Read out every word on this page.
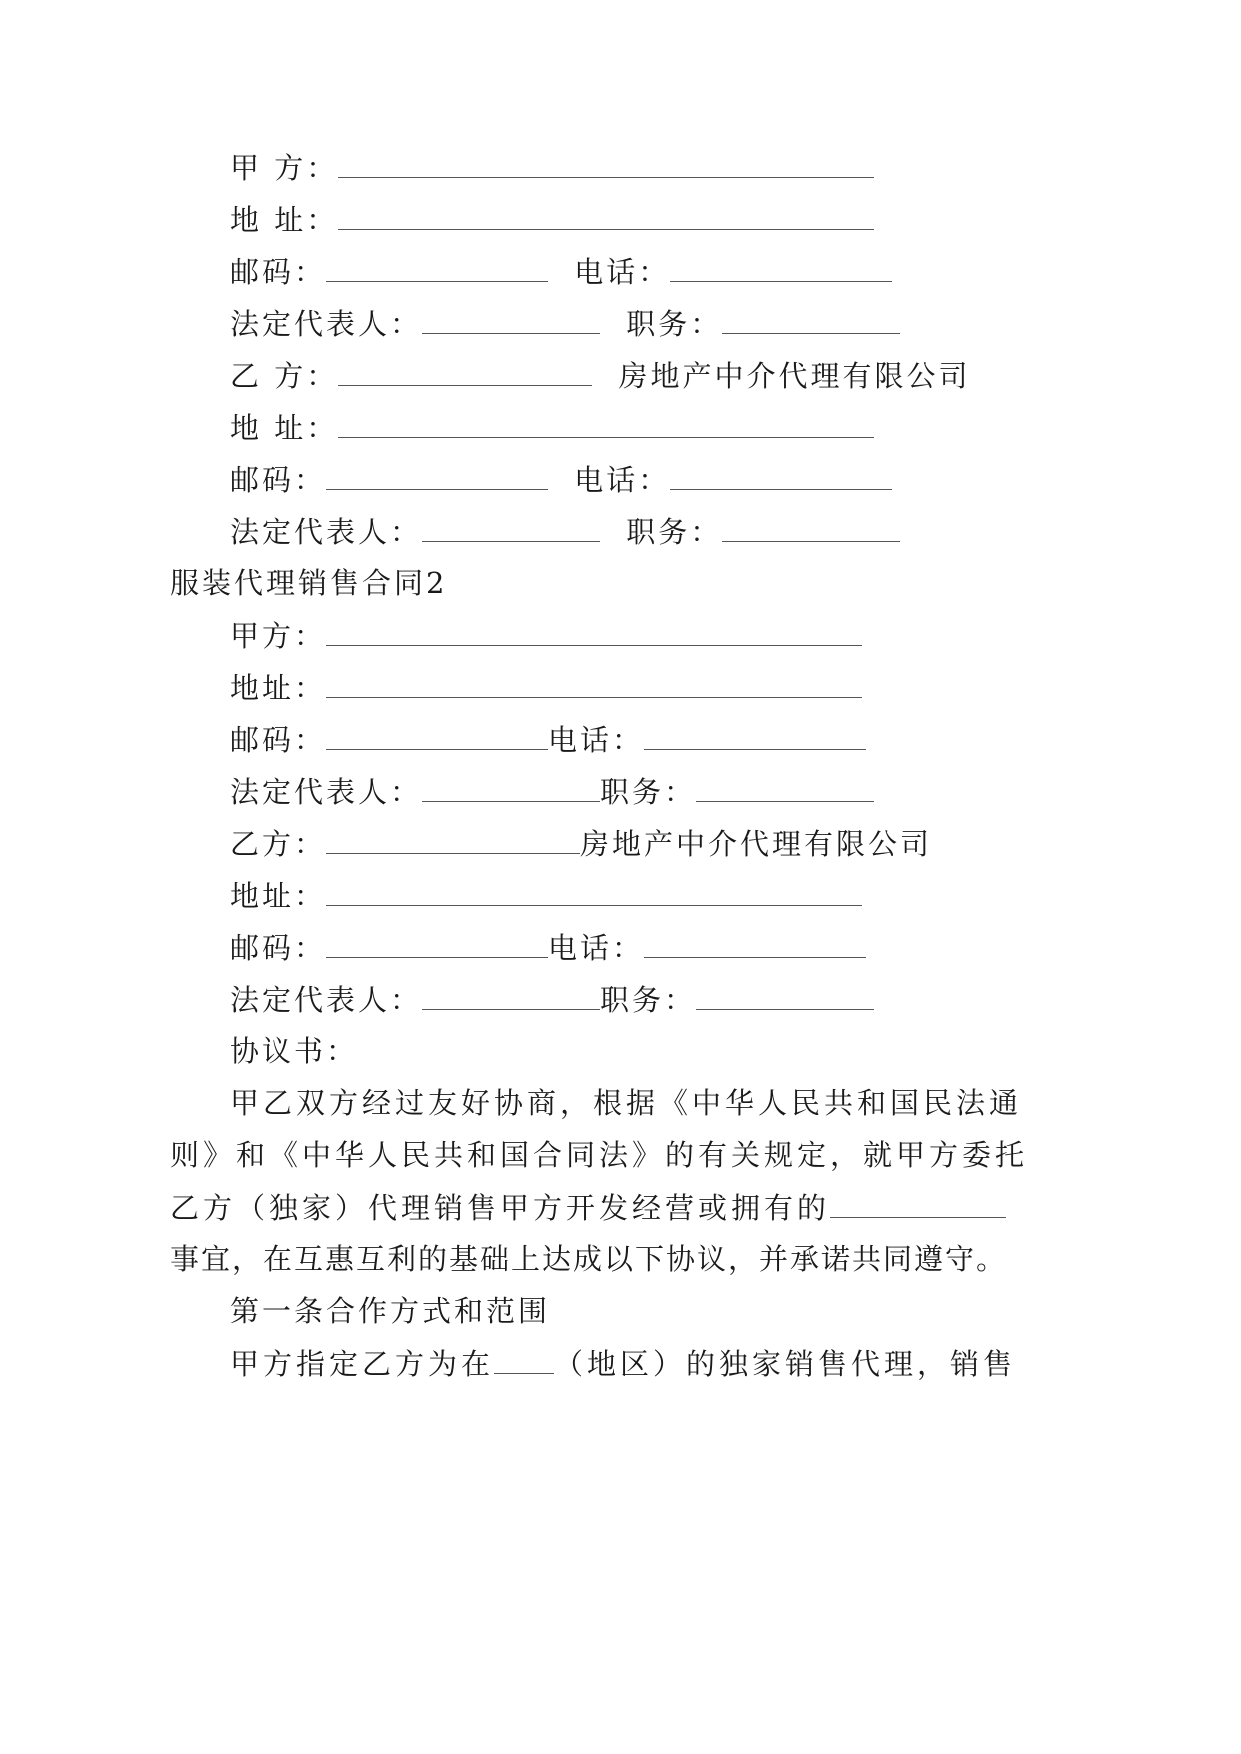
甲 方：
地 址：
邮码：	电话：
法定代表人：	职务：
乙 方：	房地产中介代理有限公司
地 址：
邮码：	电话：
法定代表人：	职务：
服装代理销售合同2
甲方：
地址：
邮码：	电话：
法定代表人：	职务：
乙方：	房地产中介代理有限公司
地址：
邮码：	电话：
法定代表人：	职务：
协议书：
甲乙双方经过友好协商，根据《中华人民共和国民法通
则》和《中华人民共和国合同法》的有关规定，就甲方委托
乙方（独家）代理销售甲方开发经营或拥有的
事宜，在互惠互利的基础上达成以下协议，并承诺共同遵守。
第一条合作方式和范围
甲方指定乙方为在 （地区）的独家销售代理，销售
